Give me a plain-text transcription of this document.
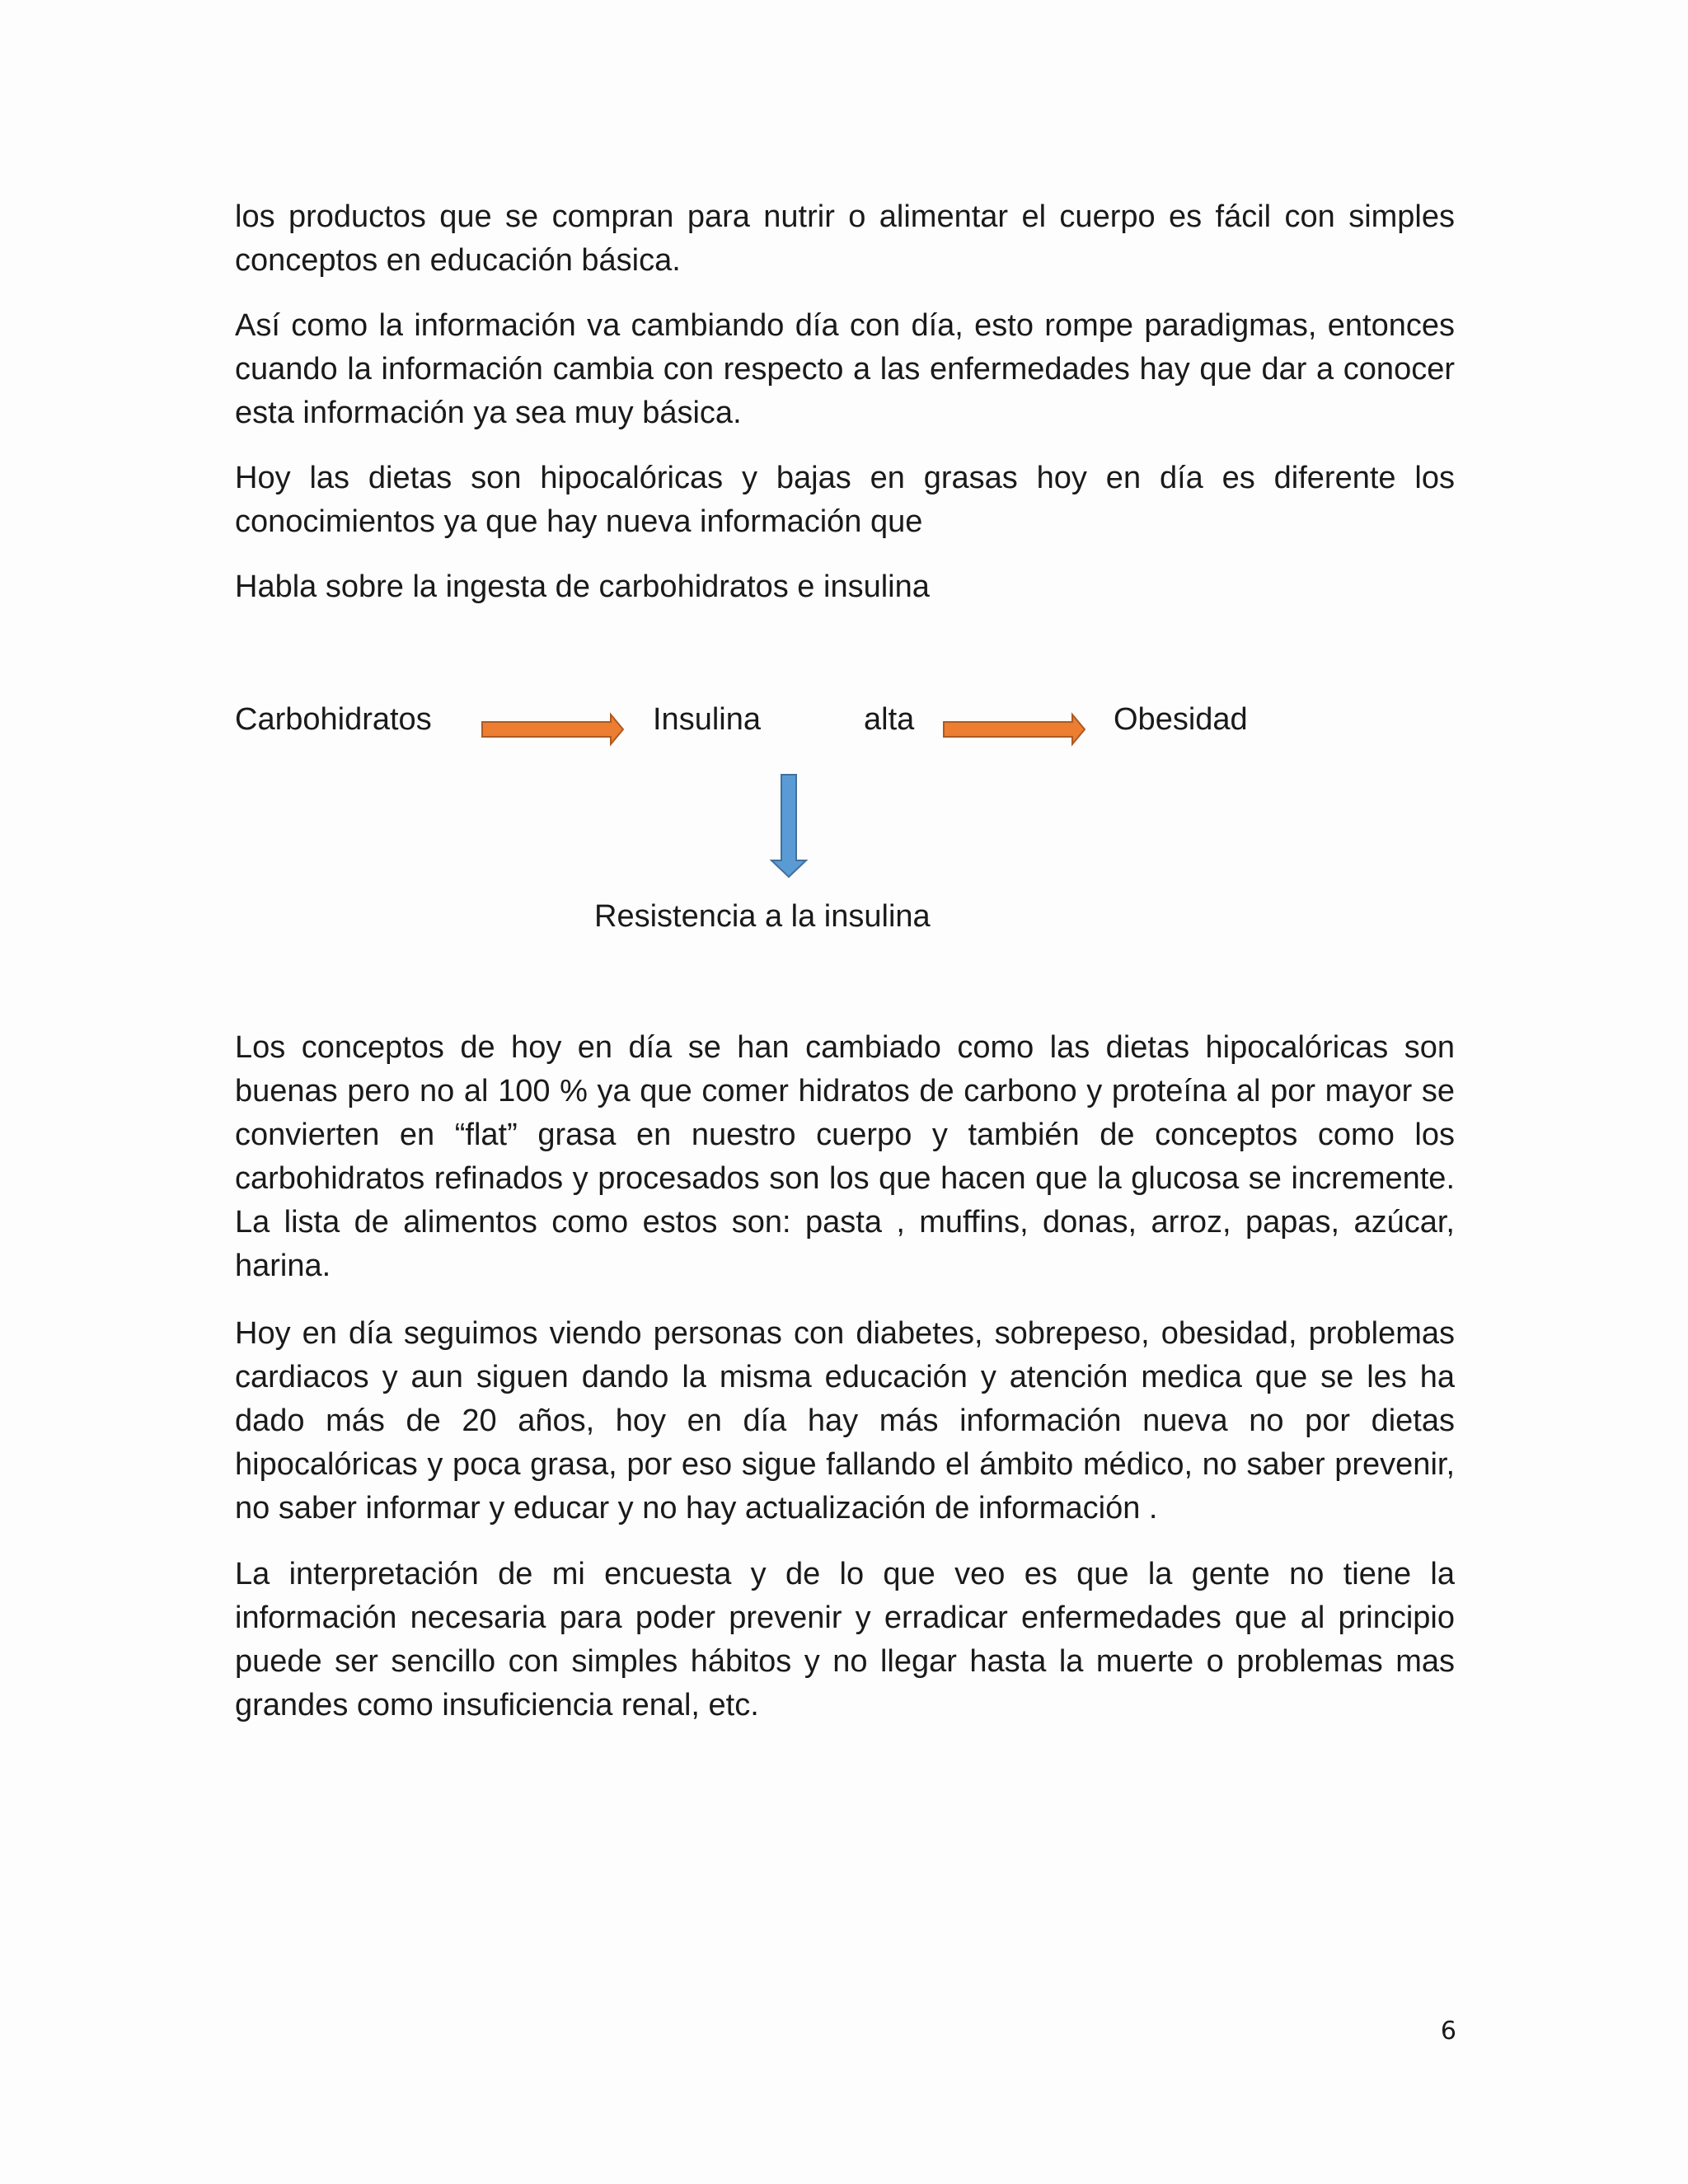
los productos que se compran para nutrir o alimentar el cuerpo es fácil con simples conceptos en educación básica.

Así como la información va cambiando día con día, esto rompe paradigmas, entonces cuando la información cambia con respecto a las enfermedades hay que dar a conocer esta información ya sea muy básica.

Hoy las dietas son hipocalóricas y bajas en grasas hoy en día es diferente los conocimientos ya que hay nueva información que

Habla sobre la ingesta de carbohidratos e insulina

Carbohidratos	Insulina	alta	Obesidad
Resistencia a la insulina

Los conceptos de hoy en día se han cambiado como las dietas hipocalóricas son buenas pero no al 100 % ya que comer hidratos de carbono y proteína al por mayor se convierten en “flat” grasa en nuestro cuerpo y también de conceptos como los carbohidratos refinados y procesados son los que hacen que la glucosa se incremente. La lista de alimentos como estos son: pasta , muffins, donas, arroz, papas, azúcar, harina.

Hoy en día seguimos viendo personas con diabetes, sobrepeso, obesidad, problemas cardiacos y aun siguen dando la misma educación y atención medica que se les ha dado más de 20 años, hoy en día hay más información nueva no por dietas hipocalóricas y poca grasa, por eso sigue fallando el ámbito médico, no saber prevenir, no saber informar y educar y no hay actualización de información .

La interpretación de mi encuesta y de lo que veo es que la gente no tiene la información necesaria para poder prevenir y erradicar enfermedades que al principio puede ser sencillo con simples hábitos y no llegar hasta la muerte o problemas mas grandes como insuficiencia renal, etc.

6
